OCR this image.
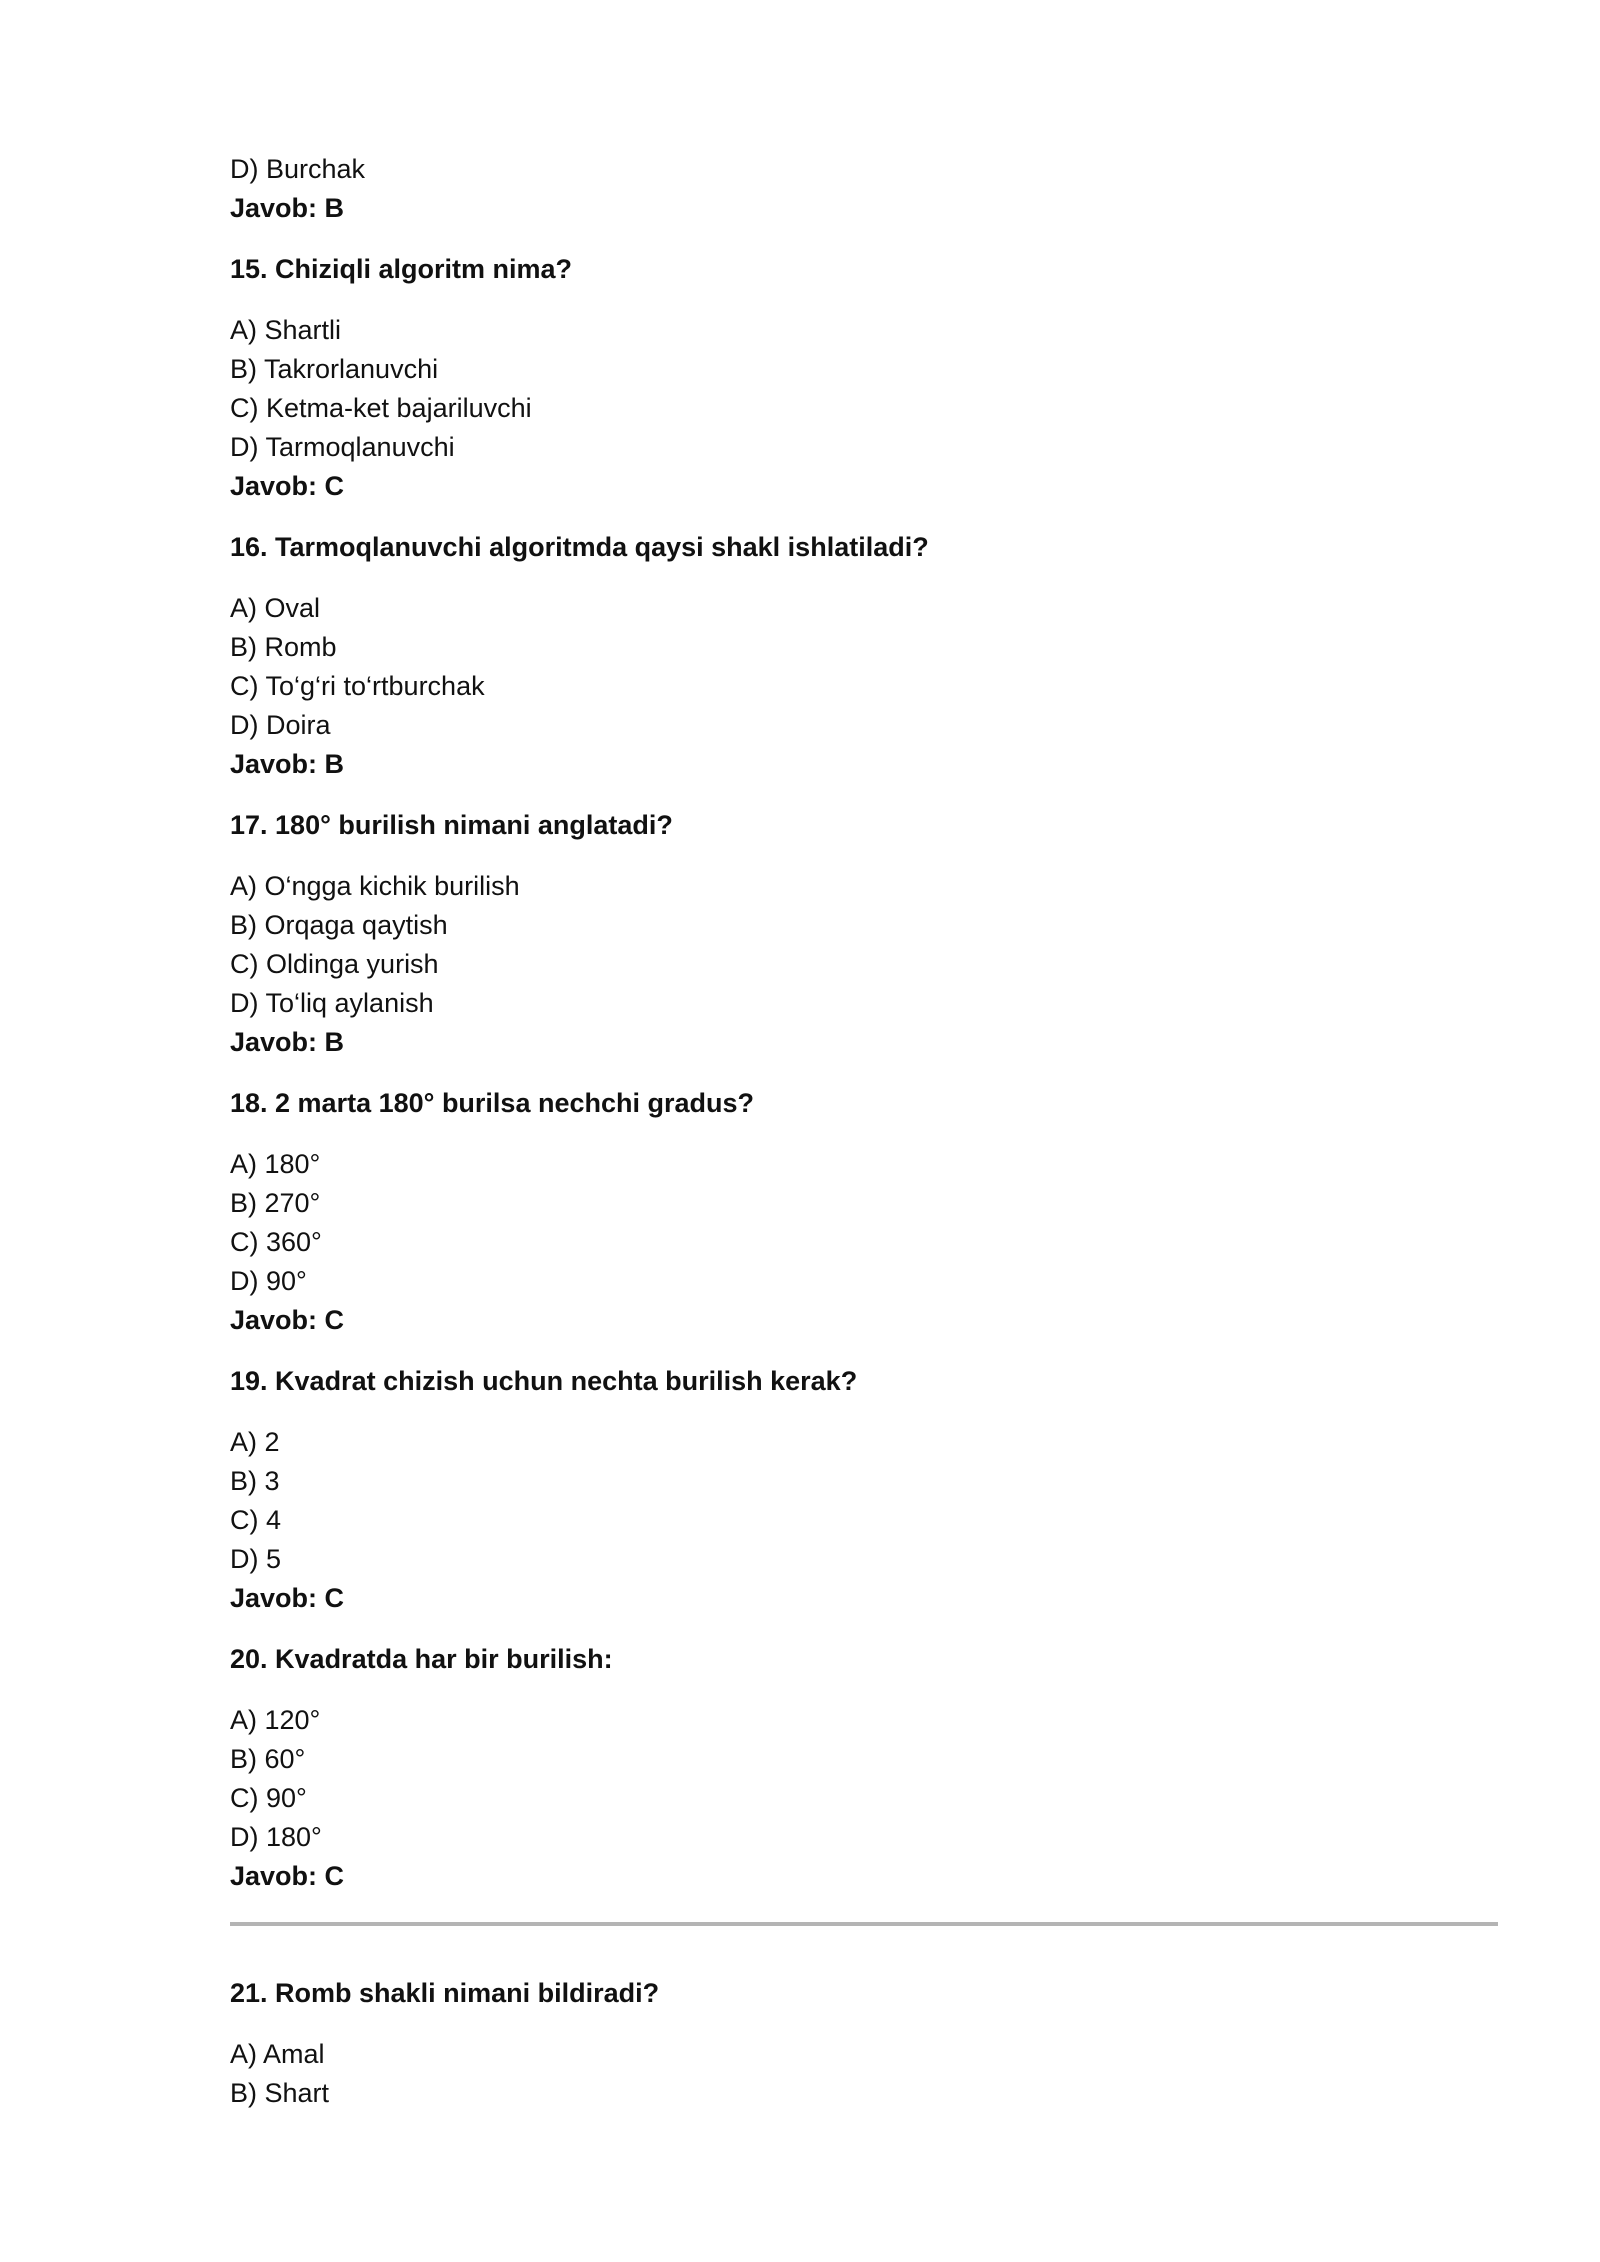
D) Burchak
Javob: B
15. Chiziqli algoritm nima?
A) Shartli
B) Takrorlanuvchi
C) Ketma-ket bajariluvchi
D) Tarmoqlanuvchi
Javob: C
16. Tarmoqlanuvchi algoritmda qaysi shakl ishlatiladi?
A) Oval
B) Romb
C) To‘g‘ri to‘rtburchak
D) Doira
Javob: B
17. 180° burilish nimani anglatadi?
A) O‘ngga kichik burilish
B) Orqaga qaytish
C) Oldinga yurish
D) To‘liq aylanish
Javob: B
18. 2 marta 180° burilsa nechchi gradus?
A) 180°
B) 270°
C) 360°
D) 90°
Javob: C
19. Kvadrat chizish uchun nechta burilish kerak?
A) 2
B) 3
C) 4
D) 5
Javob: C
20. Kvadratda har bir burilish:
A) 120°
B) 60°
C) 90°
D) 180°
Javob: C
21. Romb shakli nimani bildiradi?
A) Amal
B) Shart
